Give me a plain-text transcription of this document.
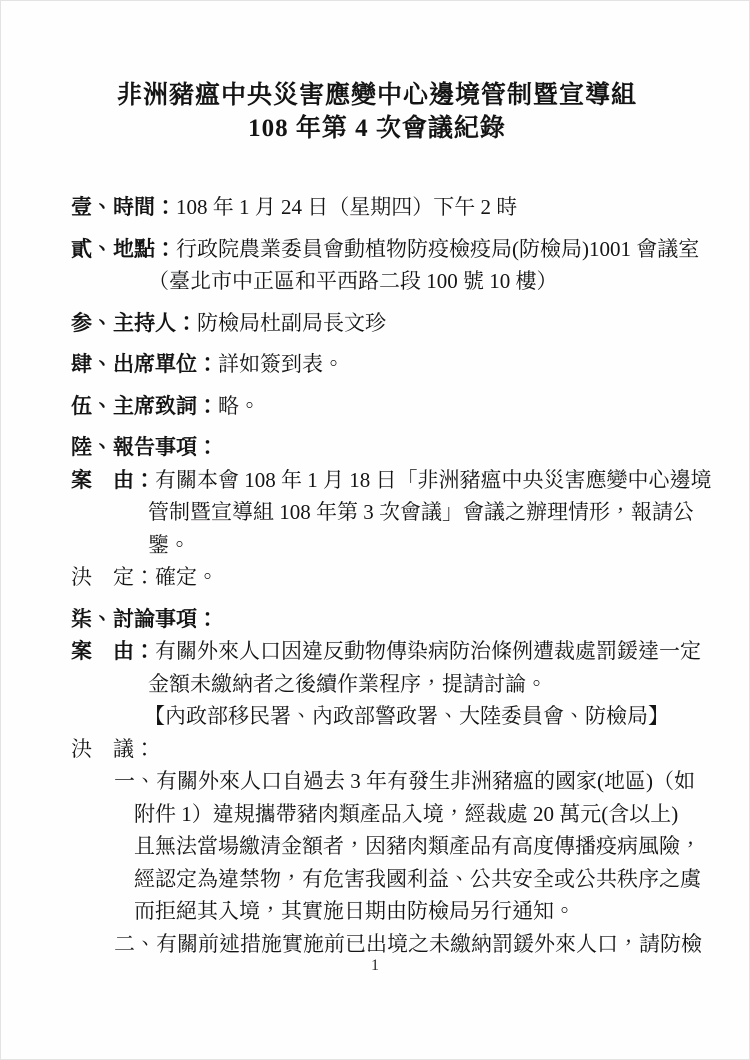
非洲豬瘟中央災害應變中心邊境管制暨宣導組
108 年第 4 次會議紀錄
壹、時間：108 年 1 月 24 日（星期四）下午 2 時
貳、地點：行政院農業委員會動植物防疫檢疫局(防檢局)1001 會議室
（臺北市中正區和平西路二段 100 號 10 樓）
参、主持人：防檢局杜副局長文珍
肆、出席單位：詳如簽到表。
伍、主席致詞：略。
陸、報告事項：
案　由：有關本會 108 年 1 月 18 日「非洲豬瘟中央災害應變中心邊境
管制暨宣導組 108 年第 3 次會議」會議之辦理情形，報請公
鑒。
決　定：確定。
柒、討論事項：
案　由：有關外來人口因違反動物傳染病防治條例遭裁處罰鍰達一定
金額未繳納者之後續作業程序，提請討論。
【內政部移民署、內政部警政署、大陸委員會、防檢局】
決　議：
一、有關外來人口自過去 3 年有發生非洲豬瘟的國家(地區)（如
附件 1）違規攜帶豬肉類產品入境，經裁處 20 萬元(含以上)
且無法當場繳清金額者，因豬肉類產品有高度傳播疫病風險，
經認定為違禁物，有危害我國利益、公共安全或公共秩序之虞
而拒絕其入境，其實施日期由防檢局另行通知。
二、有關前述措施實施前已出境之未繳納罰鍰外來人口，請防檢
1
